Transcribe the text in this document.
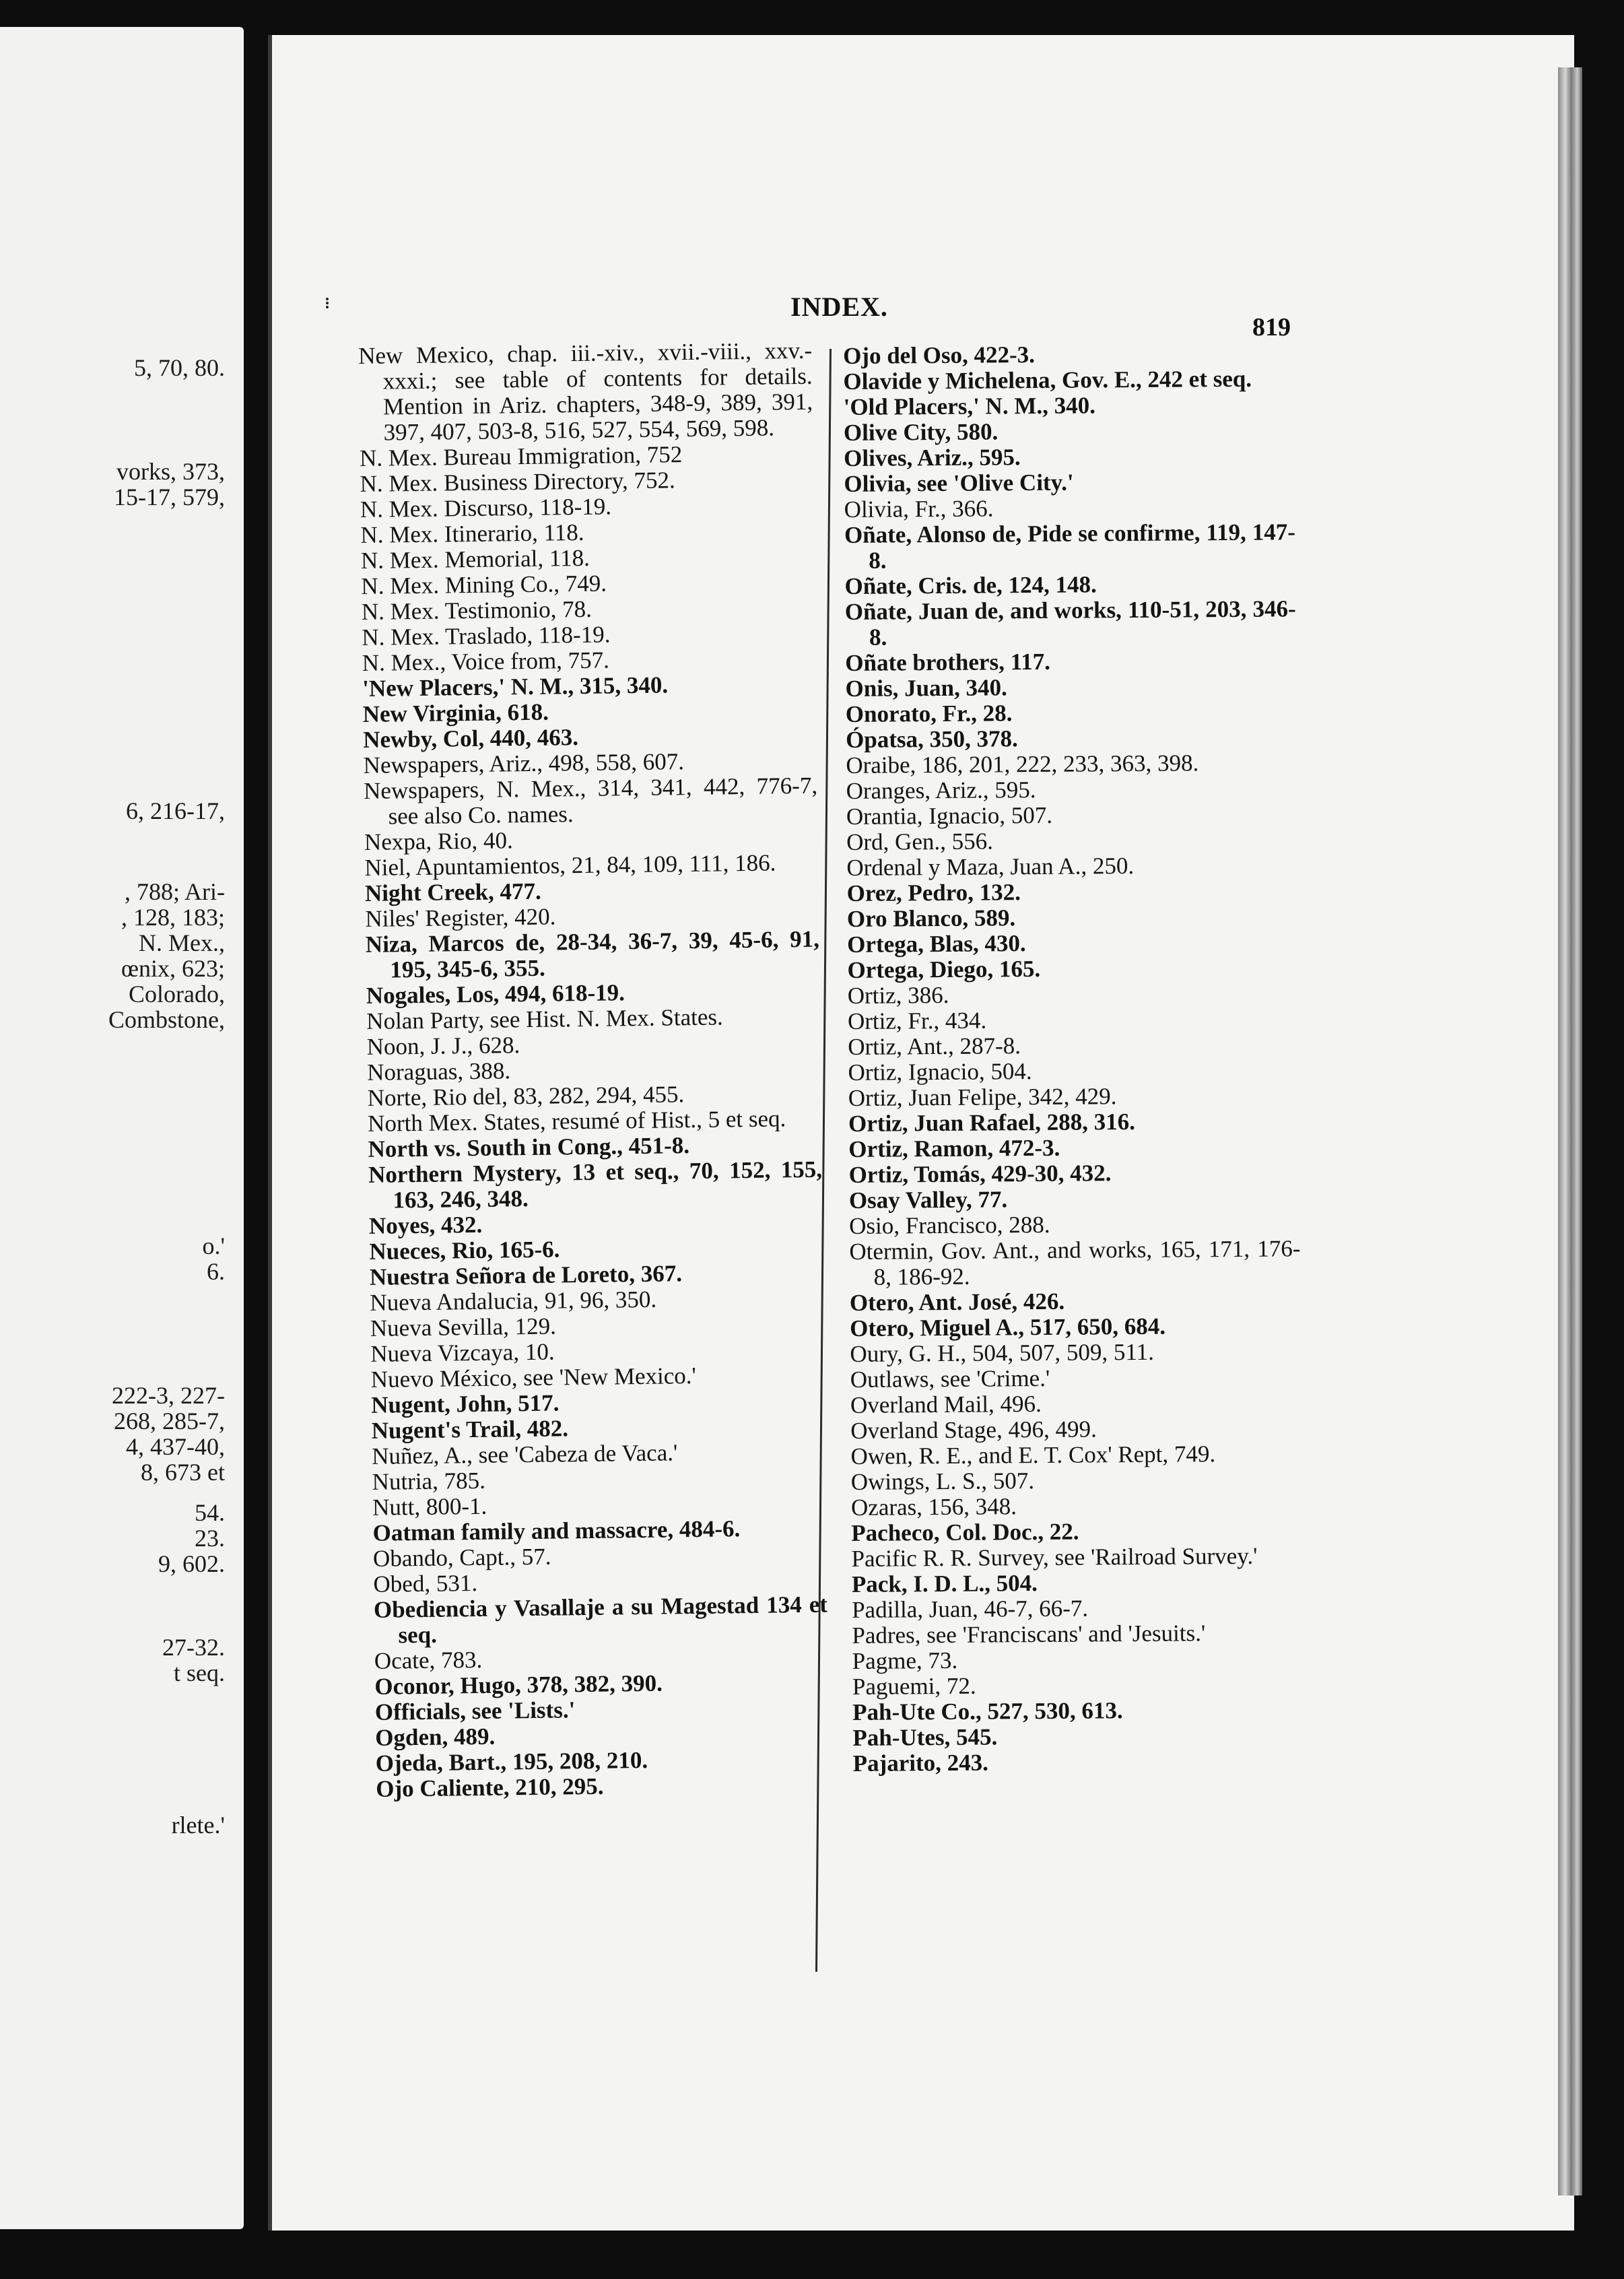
5, 70, 80.

vorks, 373,

15-17, 579,

6, 216-17,

, 788; Ari-

, 128, 183;

N. Mex.,

œnix, 623;

Colorado,

Combstone,

o.'

6.

222-3, 227-

268, 285-7,

4, 437-40,

8, 673 et

54.

23.

9, 602.

27-32.

t seq.

rlete.'

INDEX.

819

New Mexico, chap. iii.-xiv., xvii.-viii., xxv.-xxxi.; see table of contents for details. Mention in Ariz. chapters, 348-9, 389, 391, 397, 407, 503-8, 516, 527, 554, 569, 598.
N. Mex. Bureau Immigration, 752
N. Mex. Business Directory, 752.
N. Mex. Discurso, 118-19.
N. Mex. Itinerario, 118.
N. Mex. Memorial, 118.
N. Mex. Mining Co., 749.
N. Mex. Testimonio, 78.
N. Mex. Traslado, 118-19.
N. Mex., Voice from, 757.
'New Placers,' N. M., 315, 340.
New Virginia, 618.
Newby, Col, 440, 463.
Newspapers, Ariz., 498, 558, 607.
Newspapers, N. Mex., 314, 341, 442, 776-7, see also Co. names.
Nexpa, Rio, 40.
Niel, Apuntamientos, 21, 84, 109, 111, 186.
Night Creek, 477.
Niles' Register, 420.
Niza, Marcos de, 28-34, 36-7, 39, 45-6, 91, 195, 345-6, 355.
Nogales, Los, 494, 618-19.
Nolan Party, see Hist. N. Mex. States.
Noon, J. J., 628.
Noraguas, 388.
Norte, Rio del, 83, 282, 294, 455.
North Mex. States, resumé of Hist., 5 et seq.
North vs. South in Cong., 451-8.
Northern Mystery, 13 et seq., 70, 152, 155, 163, 246, 348.
Noyes, 432.
Nueces, Rio, 165-6.
Nuestra Señora de Loreto, 367.
Nueva Andalucia, 91, 96, 350.
Nueva Sevilla, 129.
Nueva Vizcaya, 10.
Nuevo México, see 'New Mexico.'
Nugent, John, 517.
Nugent's Trail, 482.
Nuñez, A., see 'Cabeza de Vaca.'
Nutria, 785.
Nutt, 800-1.
Oatman family and massacre, 484-6.
Obando, Capt., 57.
Obed, 531.
Obediencia y Vasallaje a su Magestad 134 et seq.
Ocate, 783.
Oconor, Hugo, 378, 382, 390.
Officials, see 'Lists.'
Ogden, 489.
Ojeda, Bart., 195, 208, 210.
Ojo Caliente, 210, 295.
Ojo del Oso, 422-3.
Olavide y Michelena, Gov. E., 242 et seq.
'Old Placers,' N. M., 340.
Olive City, 580.
Olives, Ariz., 595.
Olivia, see 'Olive City.'
Olivia, Fr., 366.
Oñate, Alonso de, Pide se confirme, 119, 147-8.
Oñate, Cris. de, 124, 148.
Oñate, Juan de, and works, 110-51, 203, 346-8.
Oñate brothers, 117.
Onis, Juan, 340.
Onorato, Fr., 28.
Ópatsa, 350, 378.
Oraibe, 186, 201, 222, 233, 363, 398.
Oranges, Ariz., 595.
Orantia, Ignacio, 507.
Ord, Gen., 556.
Ordenal y Maza, Juan A., 250.
Orez, Pedro, 132.
Oro Blanco, 589.
Ortega, Blas, 430.
Ortega, Diego, 165.
Ortiz, 386.
Ortiz, Fr., 434.
Ortiz, Ant., 287-8.
Ortiz, Ignacio, 504.
Ortiz, Juan Felipe, 342, 429.
Ortiz, Juan Rafael, 288, 316.
Ortiz, Ramon, 472-3.
Ortiz, Tomás, 429-30, 432.
Osay Valley, 77.
Osio, Francisco, 288.
Otermin, Gov. Ant., and works, 165, 171, 176-8, 186-92.
Otero, Ant. José, 426.
Otero, Miguel A., 517, 650, 684.
Oury, G. H., 504, 507, 509, 511.
Outlaws, see 'Crime.'
Overland Mail, 496.
Overland Stage, 496, 499.
Owen, R. E., and E. T. Cox' Rept, 749.
Owings, L. S., 507.
Ozaras, 156, 348.
Pacheco, Col. Doc., 22.
Pacific R. R. Survey, see 'Railroad Survey.'
Pack, I. D. L., 504.
Padilla, Juan, 46-7, 66-7.
Padres, see 'Franciscans' and 'Jesuits.'
Pagme, 73.
Paguemi, 72.
Pah-Ute Co., 527, 530, 613.
Pah-Utes, 545.
Pajarito, 243.
